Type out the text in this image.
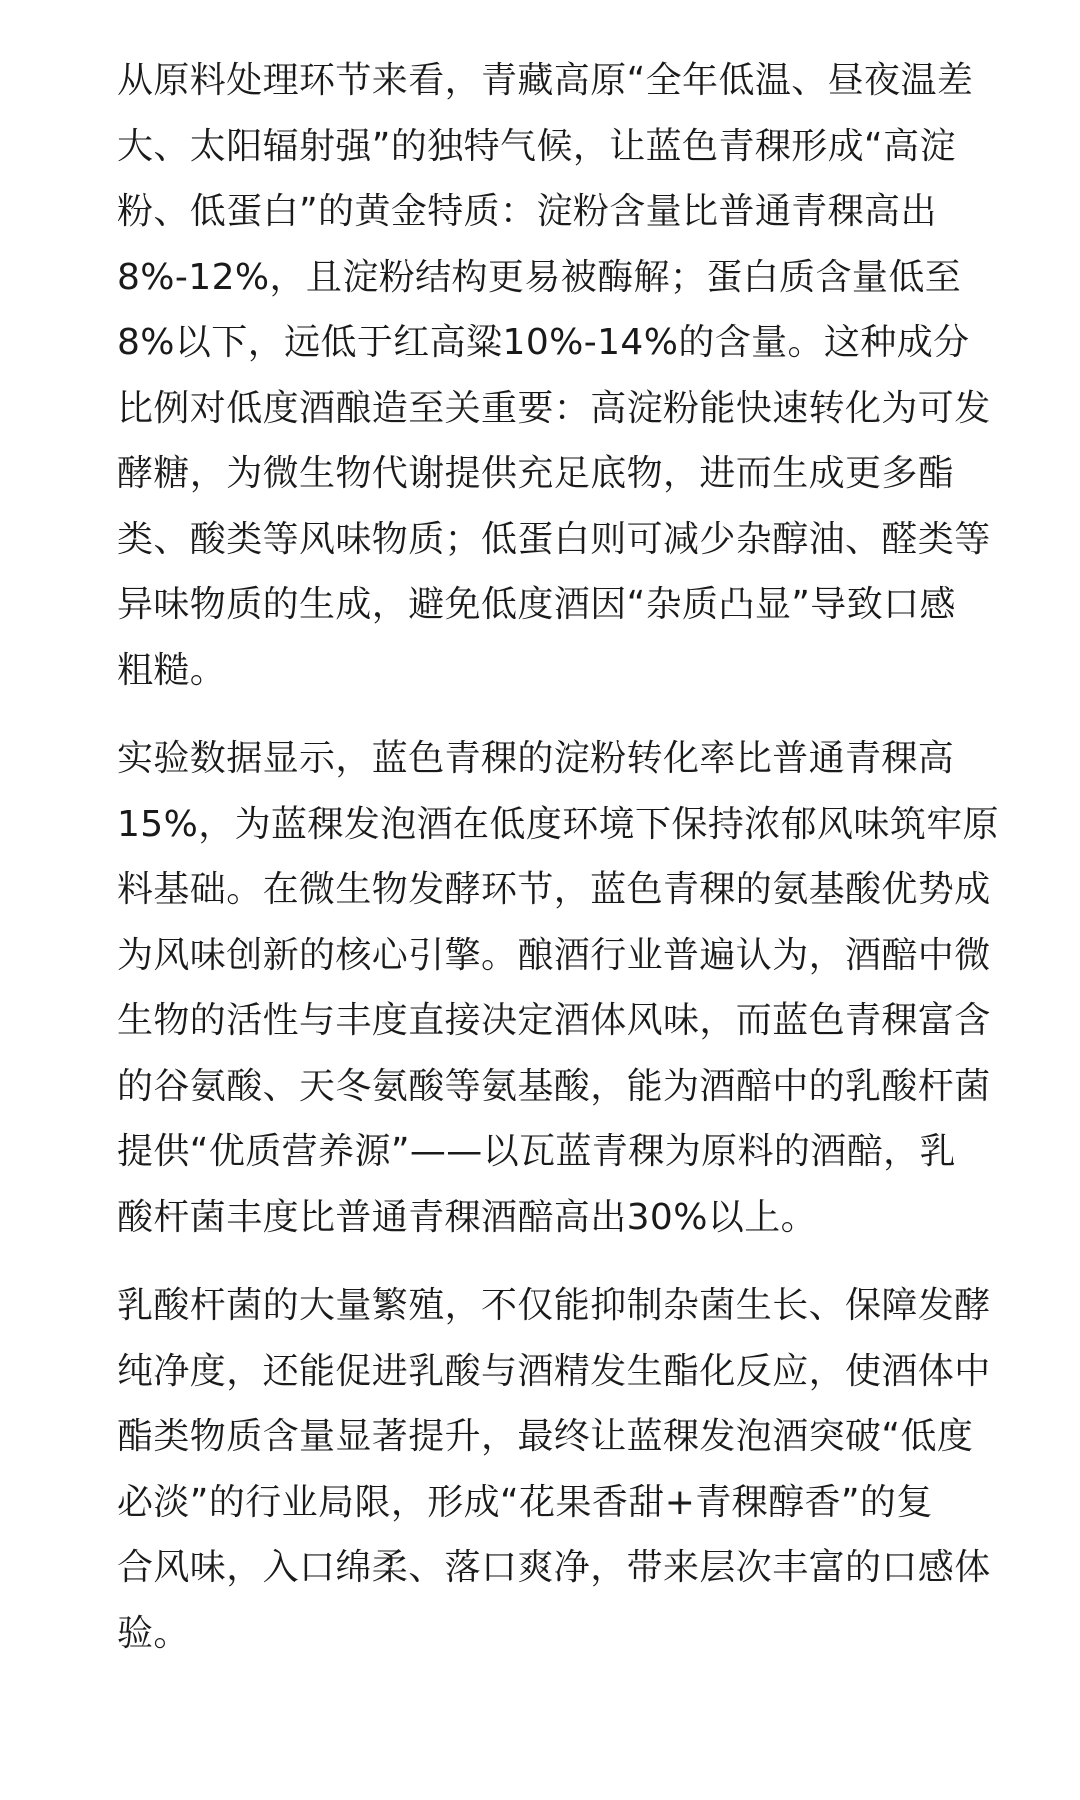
从原料处理环节来看，青藏高原“全年低温、昼夜温差
大、太阳辐射强”的独特气候，让蓝色青稞形成“高淀
粉、低蛋白”的黄金特质：淀粉含量比普通青稞高出
8%-12%，且淀粉结构更易被酶解；蛋白质含量低至
8%以下，远低于红高粱10%-14%的含量。这种成分
比例对低度酒酿造至关重要：高淀粉能快速转化为可发
酵糖，为微生物代谢提供充足底物，进而生成更多酯
类、酸类等风味物质；低蛋白则可减少杂醇油、醛类等
异味物质的生成，避免低度酒因“杂质凸显”导致口感
粗糙。

实验数据显示，蓝色青稞的淀粉转化率比普通青稞高
15%，为蓝稞发泡酒在低度环境下保持浓郁风味筑牢原
料基础。在微生物发酵环节，蓝色青稞的氨基酸优势成
为风味创新的核心引擎。酿酒行业普遍认为，酒醅中微
生物的活性与丰度直接决定酒体风味，而蓝色青稞富含
的谷氨酸、天冬氨酸等氨基酸，能为酒醅中的乳酸杆菌
提供“优质营养源”——以瓦蓝青稞为原料的酒醅，乳
酸杆菌丰度比普通青稞酒醅高出30%以上。

乳酸杆菌的大量繁殖，不仅能抑制杂菌生长、保障发酵
纯净度，还能促进乳酸与酒精发生酯化反应，使酒体中
酯类物质含量显著提升，最终让蓝稞发泡酒突破“低度
必淡”的行业局限，形成“花果香甜+青稞醇香”的复
合风味，入口绵柔、落口爽净，带来层次丰富的口感体
验。
